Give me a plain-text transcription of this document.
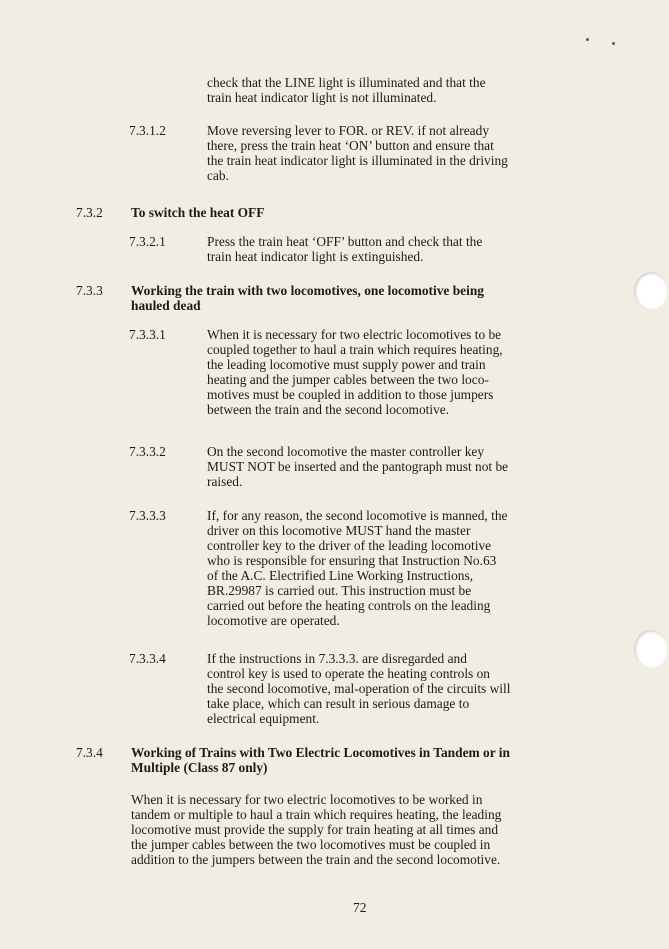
check that the LINE light is illuminated and that the
train heat indicator light is not illuminated.
7.3.1.2	Move reversing lever to FOR. or REV. if not already
there, press the train heat ‘ON’ button and ensure that
the train heat indicator light is illuminated in the driving
cab.
7.3.2 To switch the heat OFF
7.3.2.1	Press the train heat ‘OFF’ button and check that the
train heat indicator light is extinguished.
7.3.3 Working the train with two locomotives, one locomotive being
hauled dead
7.3.3.1	When it is necessary for two electric locomotives to be
coupled together to haul a train which requires heating,
the leading locomotive must supply power and train
heating and the jumper cables between the two loco-
motives must be coupled in addition to those jumpers
between the train and the second locomotive.
7.3.3.2	On the second locomotive the master controller key
MUST NOT be inserted and the pantograph must not be
raised.
7.3.3.3	If, for any reason, the second locomotive is manned, the
driver on this locomotive MUST hand the master
controller key to the driver of the leading locomotive
who is responsible for ensuring that Instruction No.63
of the A.C. Electrified Line Working Instructions,
BR.29987 is carried out. This instruction must be
carried out before the heating controls on the leading
locomotive are operated.
7.3.3.4	If the instructions in 7.3.3.3. are disregarded and
control key is used to operate the heating controls on
the second locomotive, mal-operation of the circuits will
take place, which can result in serious damage to
electrical equipment.
7.3.4 Working of Trains with Two Electric Locomotives in Tandem or in
Multiple (Class 87 only)
When it is necessary for two electric locomotives to be worked in
tandem or multiple to haul a train which requires heating, the leading
locomotive must provide the supply for train heating at all times and
the jumper cables between the two locomotives must be coupled in
addition to the jumpers between the train and the second locomotive.
72
